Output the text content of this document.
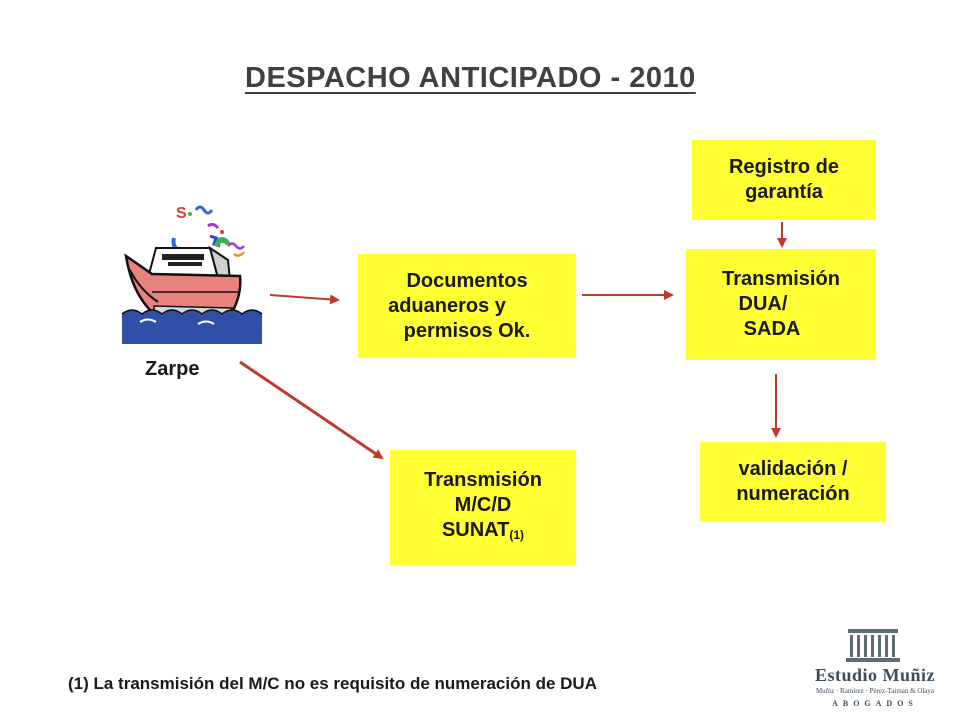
DESPACHO ANTICIPADO - 2010
S
Zarpe
Registro de
garantía
Documentos
aduaneros y
permisos Ok.
Transmisión
DUA/
SADA
validación /
numeración
Transmisión
M/C/D
$SUNAT_{(1)}$
(1) La transmisión del M/C no es requisito de numeración de DUA	Estudio Muñiz
Muñiz · Ramírez · Pérez-Taiman & Olaya
ABOGADOS
